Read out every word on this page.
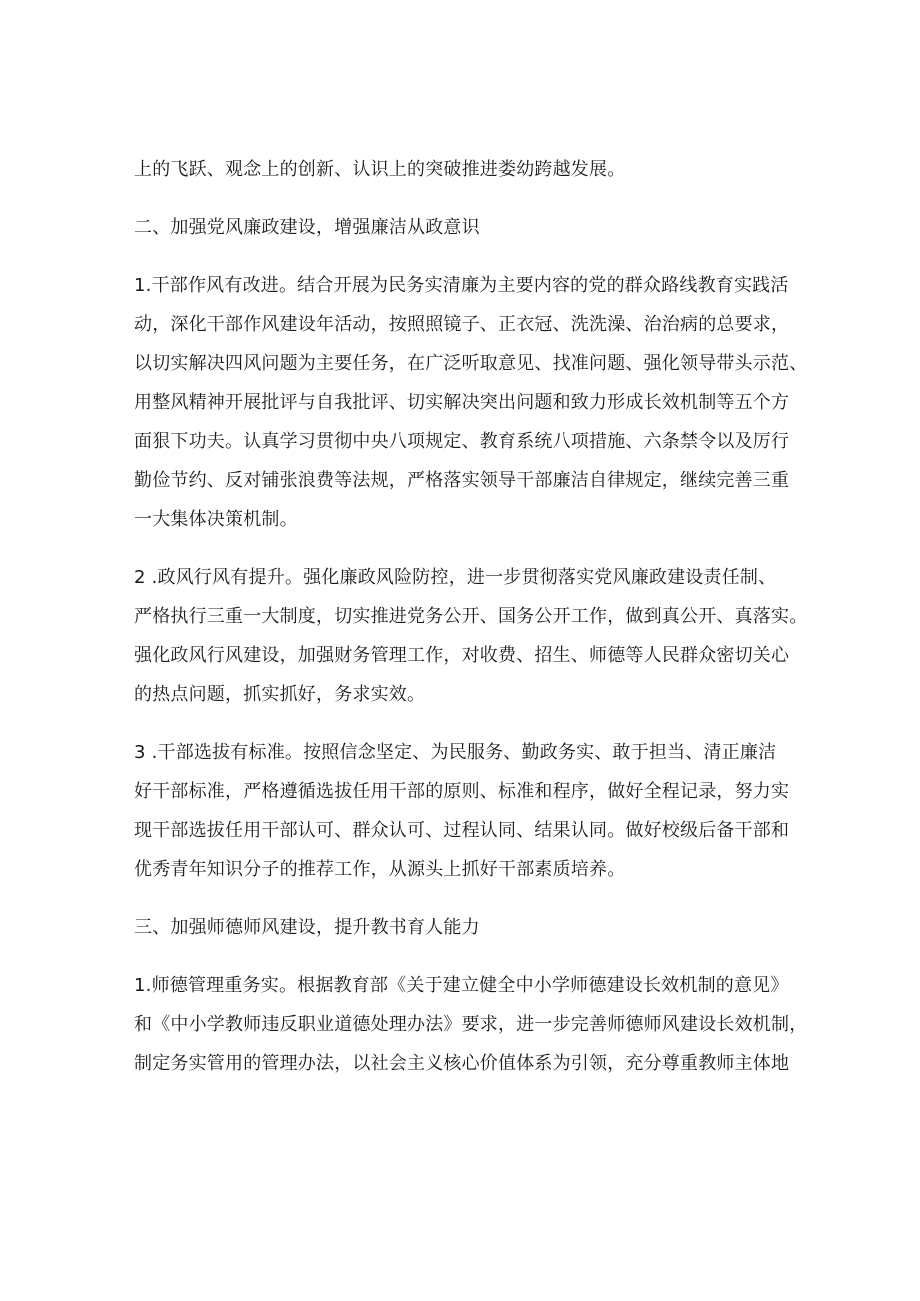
上的飞跃、观念上的创新、认识上的突破推进娄幼跨越发展。
二、加强党风廉政建设，增强廉洁从政意识
1.干部作风有改进。结合开展为民务实清廉为主要内容的党的群众路线教育实践活
动，深化干部作风建设年活动，按照照镜子、正衣冠、洗洗澡、治治病的总要求，
以切实解决四风问题为主要任务，在广泛听取意见、找准问题、强化领导带头示范、
用整风精神开展批评与自我批评、切实解决突出问题和致力形成长效机制等五个方
面狠下功夫。认真学习贯彻中央八项规定、教育系统八项措施、六条禁令以及厉行
勤俭节约、反对铺张浪费等法规，严格落实领导干部廉洁自律规定，继续完善三重
一大集体决策机制。
2 .政风行风有提升。强化廉政风险防控，进一步贯彻落实党风廉政建设责任制、
严格执行三重一大制度，切实推进党务公开、国务公开工作，做到真公开、真落实。
强化政风行风建设，加强财务管理工作，对收费、招生、师德等人民群众密切关心
的热点问题，抓实抓好，务求实效。
3 .干部选拔有标准。按照信念坚定、为民服务、勤政务实、敢于担当、清正廉洁
好干部标准，严格遵循选拔任用干部的原则、标准和程序，做好全程记录，努力实
现干部选拔任用干部认可、群众认可、过程认同、结果认同。做好校级后备干部和
优秀青年知识分子的推荐工作，从源头上抓好干部素质培养。
三、加强师德师风建设，提升教书育人能力
1.师德管理重务实。根据教育部《关于建立健全中小学师德建设长效机制的意见》
和《中小学教师违反职业道德处理办法》要求，进一步完善师德师风建设长效机制，
制定务实管用的管理办法，以社会主义核心价值体系为引领，充分尊重教师主体地
